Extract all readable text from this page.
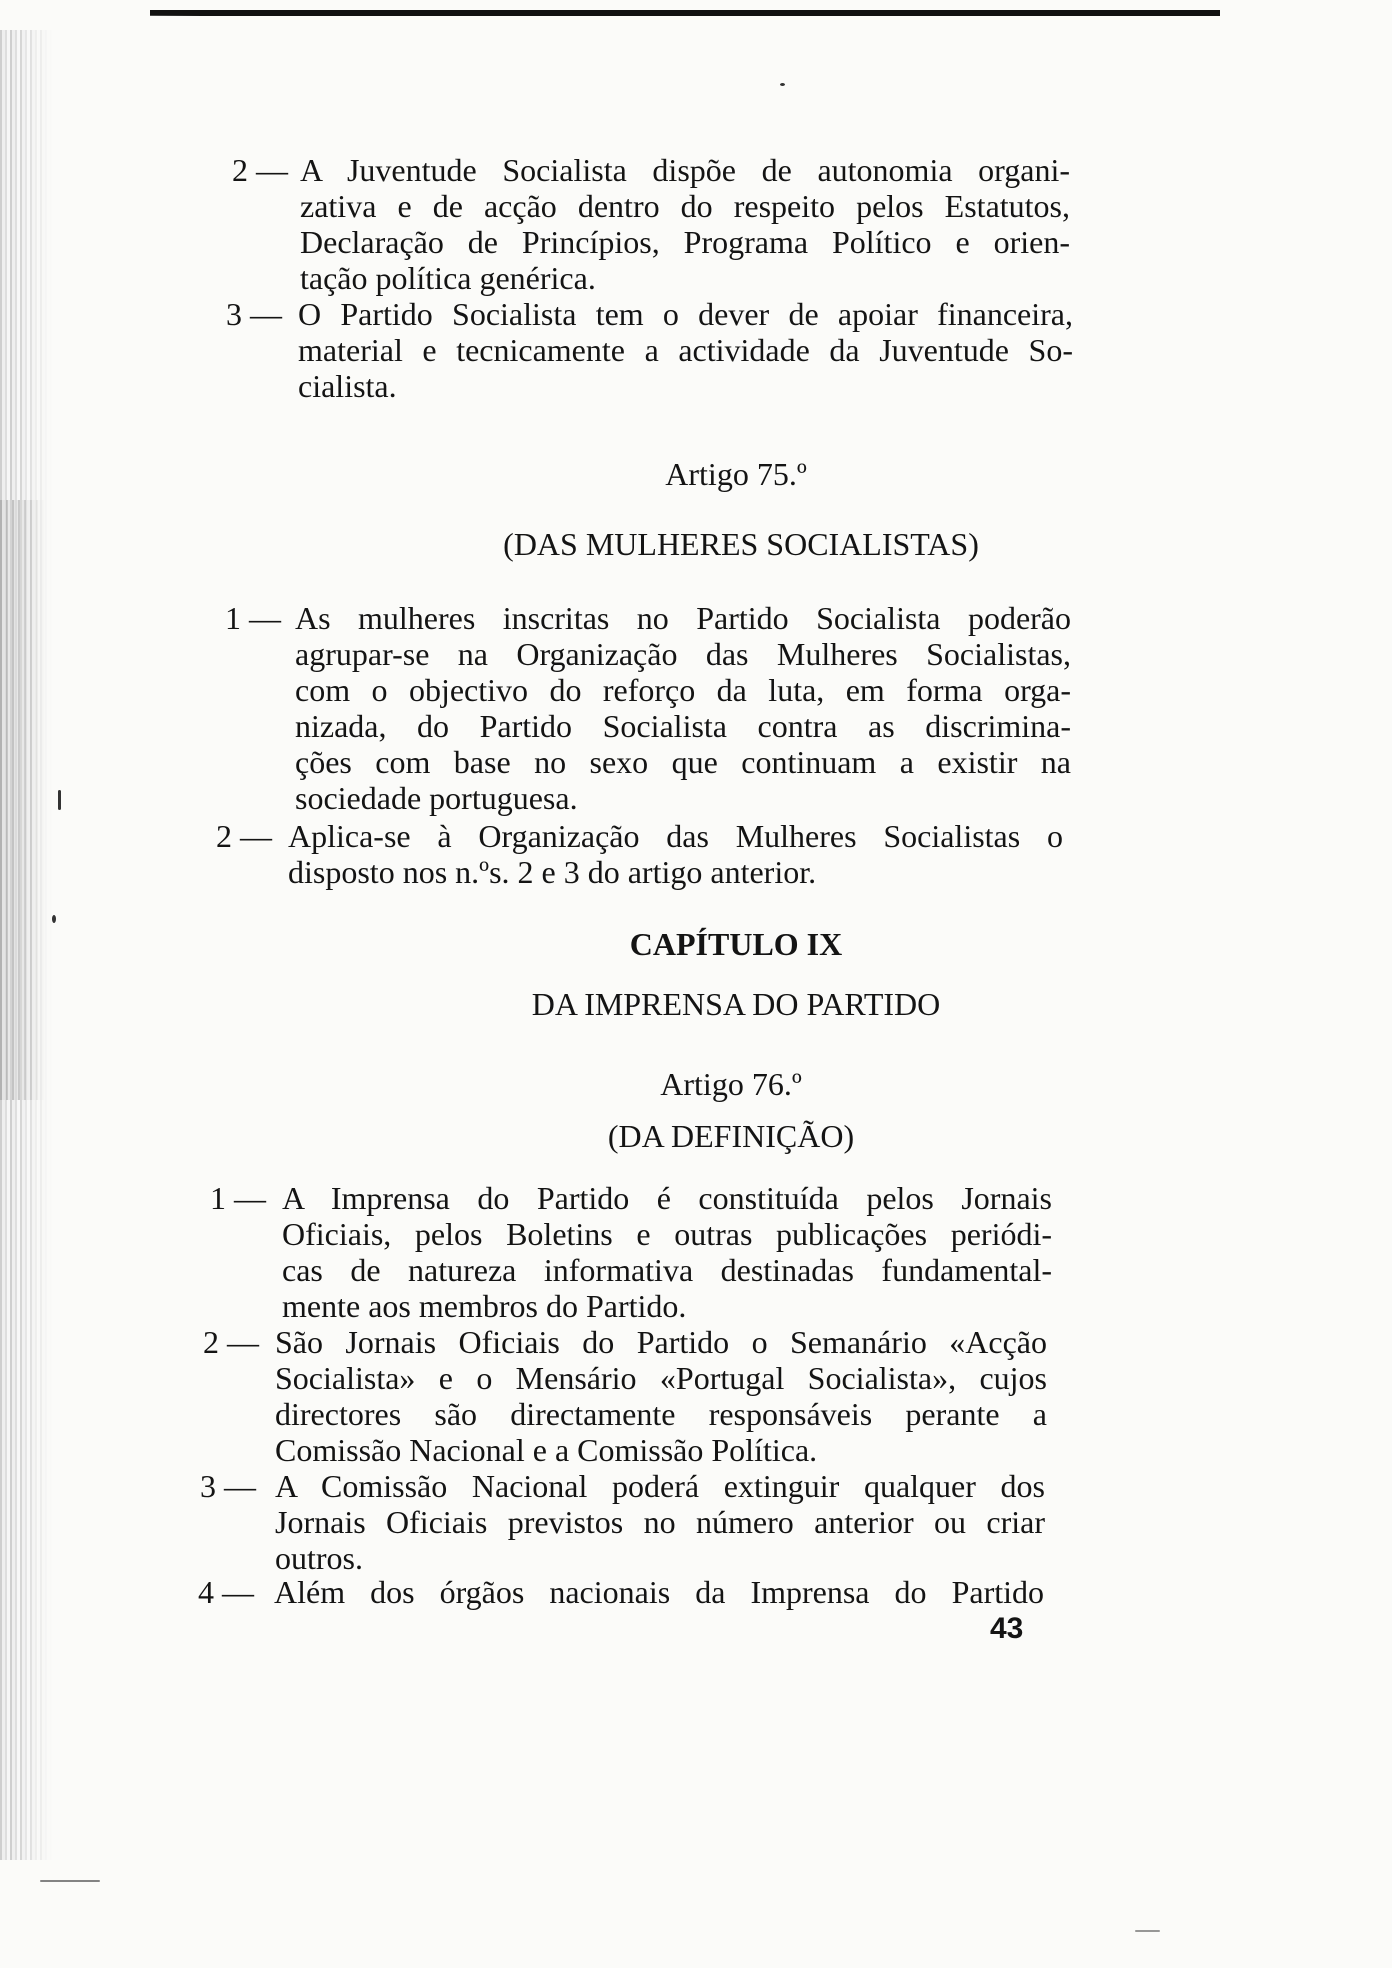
2 — A Juventude Socialista dispõe de autonomia organi-
zativa e de acção dentro do respeito pelos Estatutos,
Declaração de Princípios, Programa Político e orien-
tação política genérica.
3 — O Partido Socialista tem o dever de apoiar financeira,
material e tecnicamente a actividade da Juventude So-
cialista.
Artigo 75.º
(DAS MULHERES SOCIALISTAS)
1 — As mulheres inscritas no Partido Socialista poderão
agrupar-se na Organização das Mulheres Socialistas,
com o objectivo do reforço da luta, em forma orga-
nizada, do Partido Socialista contra as discrimina-
ções com base no sexo que continuam a existir na
sociedade portuguesa.
2 — Aplica-se à Organização das Mulheres Socialistas o
disposto nos n.ºs. 2 e 3 do artigo anterior.
CAPÍTULO IX
DA IMPRENSA DO PARTIDO
Artigo 76.º
(DA DEFINIÇÃO)
1 — A Imprensa do Partido é constituída pelos Jornais
Oficiais, pelos Boletins e outras publicações periódi-
cas de natureza informativa destinadas fundamental-
mente aos membros do Partido.
2 — São Jornais Oficiais do Partido o Semanário «Acção
Socialista» e o Mensário «Portugal Socialista», cujos
directores são directamente responsáveis perante a
Comissão Nacional e a Comissão Política.
3 — A Comissão Nacional poderá extinguir qualquer dos
Jornais Oficiais previstos no número anterior ou criar
outros.
4 — Além dos órgãos nacionais da Imprensa do Partido
43
